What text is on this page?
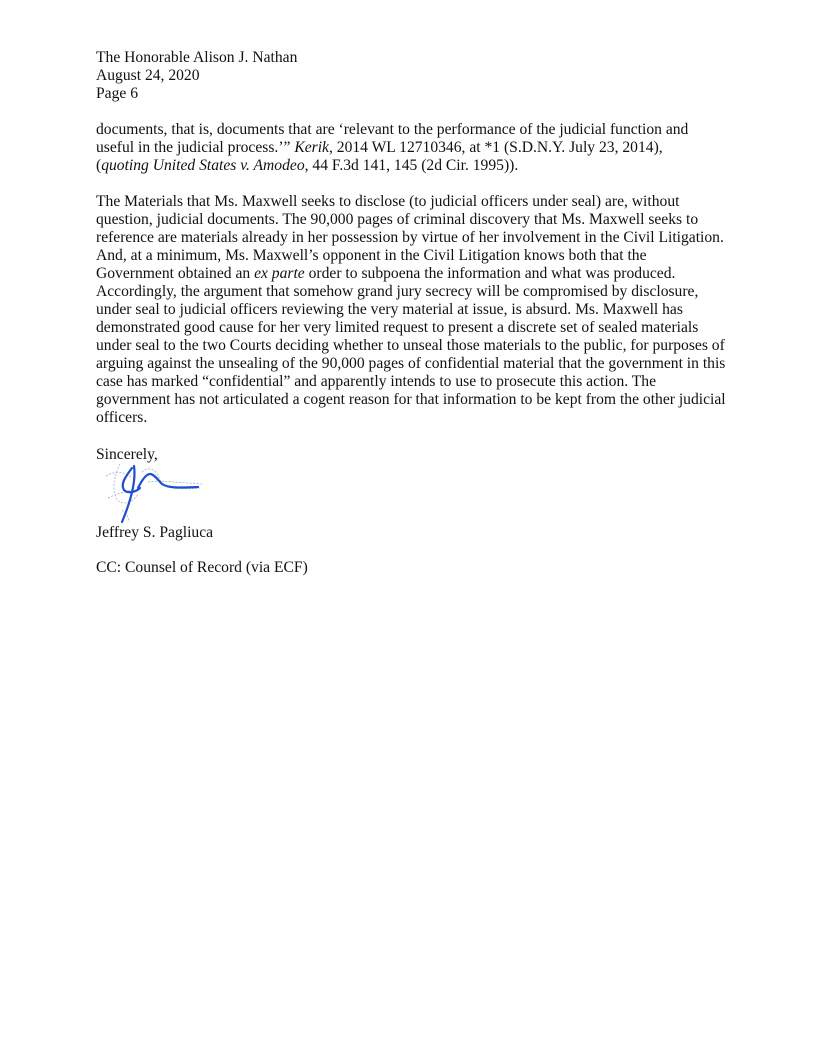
The Honorable Alison J. Nathan
August 24, 2020
Page 6

documents, that is, documents that are ‘relevant to the performance of the judicial function and
useful in the judicial process.’” Kerik, 2014 WL 12710346, at *1 (S.D.N.Y. July 23, 2014),
(quoting United States v. Amodeo, 44 F.3d 141, 145 (2d Cir. 1995)).

The Materials that Ms. Maxwell seeks to disclose (to judicial officers under seal) are, without question, judicial documents. The 90,000 pages of criminal discovery that Ms. Maxwell seeks to reference are materials already in her possession by virtue of her involvement in the Civil Litigation. And, at a minimum, Ms. Maxwell’s opponent in the Civil Litigation knows both that the Government obtained an ex parte order to subpoena the information and what was produced. Accordingly, the argument that somehow grand jury secrecy will be compromised by disclosure, under seal to judicial officers reviewing the very material at issue, is absurd. Ms. Maxwell has demonstrated good cause for her very limited request to present a discrete set of sealed materials under seal to the two Courts deciding whether to unseal those materials to the public, for purposes of arguing against the unsealing of the 90,000 pages of confidential material that the government in this case has marked “confidential” and apparently intends to use to prosecute this action. The government has not articulated a cogent reason for that information to be kept from the other judicial officers.

Sincerely,

Jeffrey S. Pagliuca

CC: Counsel of Record (via ECF)
